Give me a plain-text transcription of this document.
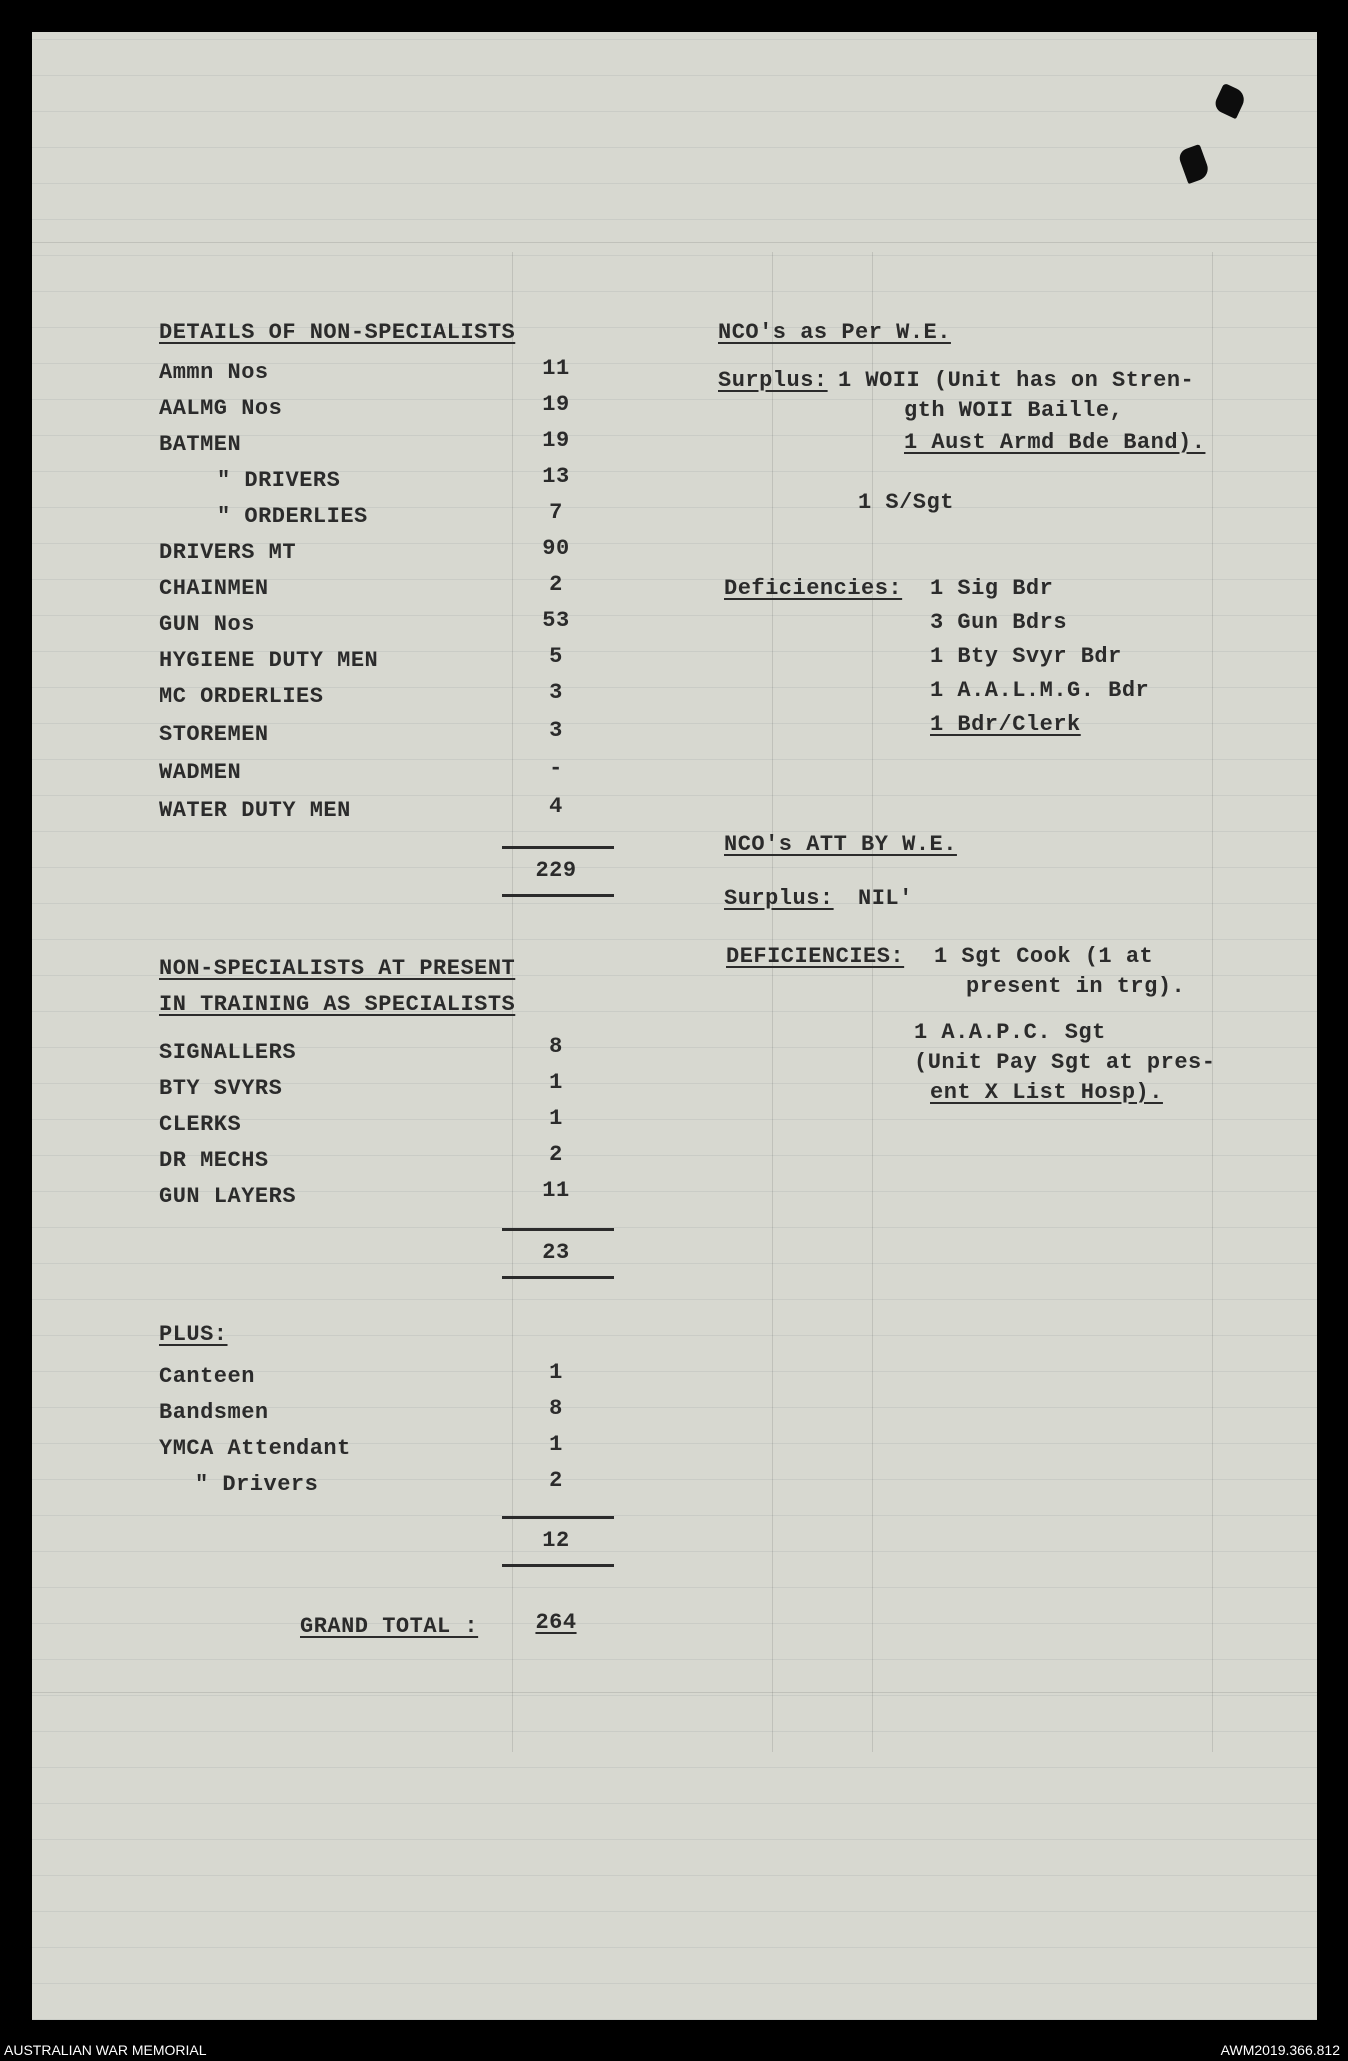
DETAILS OF NON-SPECIALISTS
Ammn Nos	11
AALMG Nos	19
BATMEN	19
" DRIVERS	13
" ORDERLIES	7
DRIVERS MT	90
CHAINMEN	2
GUN Nos	53
HYGIENE DUTY MEN	5
MC ORDERLIES	3
STOREMEN	3
WADMEN	-
WATER DUTY MEN	4
229
NON-SPECIALISTS AT PRESENT
IN TRAINING AS SPECIALISTS
SIGNALLERS	8
BTY SVYRS	1
CLERKS	1
DR MECHS	2
GUN LAYERS	11
23
PLUS:
Canteen	1
Bandsmen	8
YMCA Attendant	1
" Drivers	2
12
GRAND TOTAL :	264
NCO's as Per W.E.
Surplus: 1 WOII (Unit has on Stren-
gth WOII Baille,
1 Aust Armd Bde Band).
1 S/Sgt
Deficiencies: 1 Sig Bdr
3 Gun Bdrs
1 Bty Svyr Bdr
1 A.A.L.M.G. Bdr
1 Bdr/Clerk
NCO's ATT BY W.E.
Surplus: NIL'
DEFICIENCIES: 1 Sgt Cook (1 at
present in trg).
1 A.A.P.C. Sgt
(Unit Pay Sgt at pres-
ent X List Hosp).
AUSTRALIAN WAR MEMORIAL	AWM2019.366.812
